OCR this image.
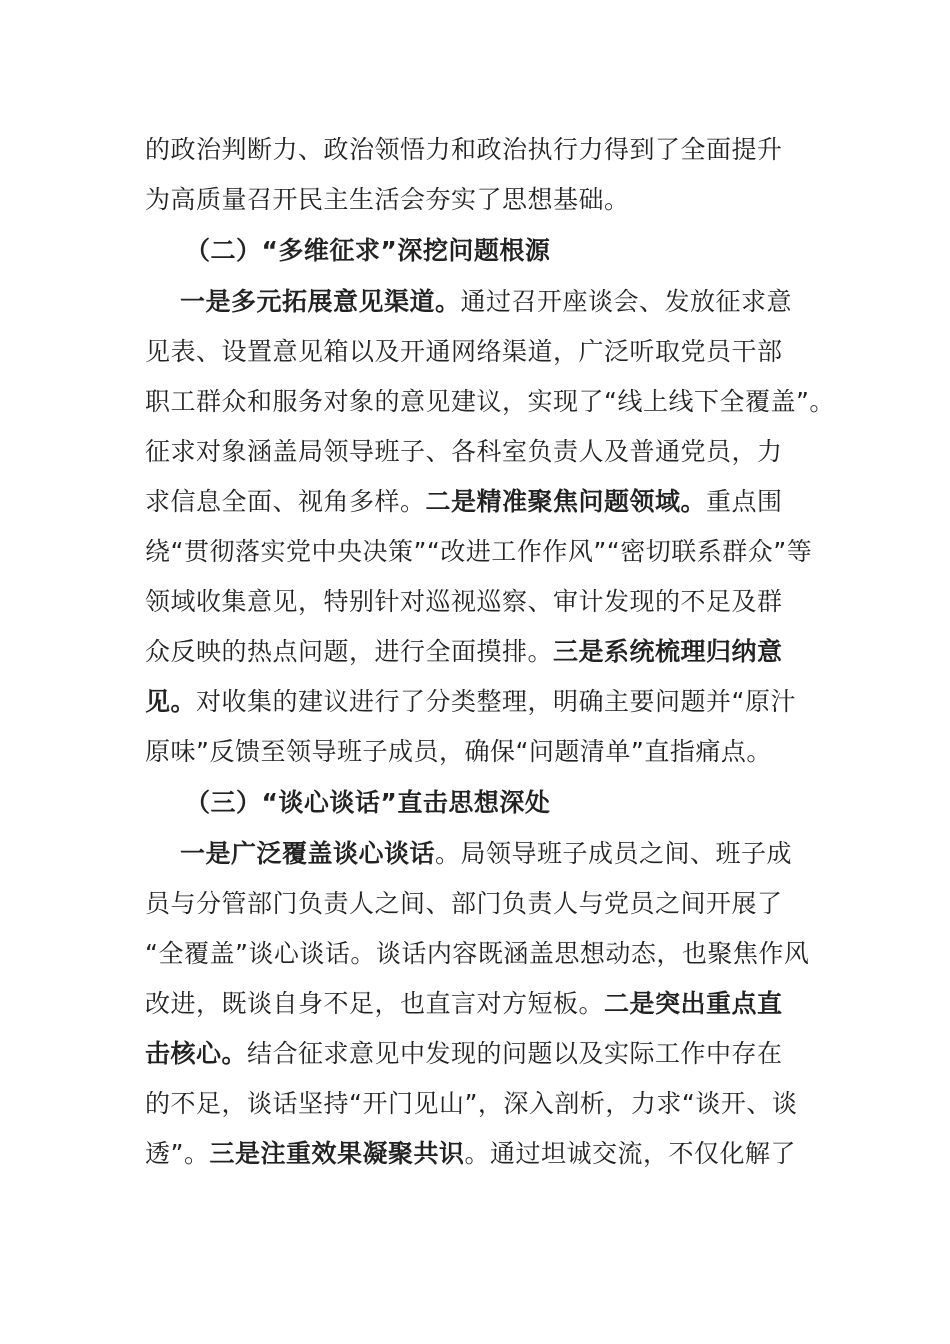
的政治判断力、政治领悟力和政治执行力得到了全面提升
为高质量召开民主生活会夯实了思想基础。
（二）“多维征求”深挖问题根源
一是多元拓展意见渠道。通过召开座谈会、发放征求意
见表、设置意见箱以及开通网络渠道，广泛听取党员干部
职工群众和服务对象的意见建议，实现了“线上线下全覆盖”。
征求对象涵盖局领导班子、各科室负责人及普通党员，力
求信息全面、视角多样。二是精准聚焦问题领域。重点围
绕“贯彻落实党中央决策”“改进工作作风”“密切联系群众”等
领域收集意见，特别针对巡视巡察、审计发现的不足及群
众反映的热点问题，进行全面摸排。三是系统梳理归纳意
见。对收集的建议进行了分类整理，明确主要问题并“原汁
原味”反馈至领导班子成员，确保“问题清单”直指痛点。
（三）“谈心谈话”直击思想深处
一是广泛覆盖谈心谈话。局领导班子成员之间、班子成
员与分管部门负责人之间、部门负责人与党员之间开展了
“全覆盖”谈心谈话。谈话内容既涵盖思想动态，也聚焦作风
改进，既谈自身不足，也直言对方短板。二是突出重点直
击核心。结合征求意见中发现的问题以及实际工作中存在
的不足，谈话坚持“开门见山”，深入剖析，力求“谈开、谈
透”。三是注重效果凝聚共识。通过坦诚交流，不仅化解了
